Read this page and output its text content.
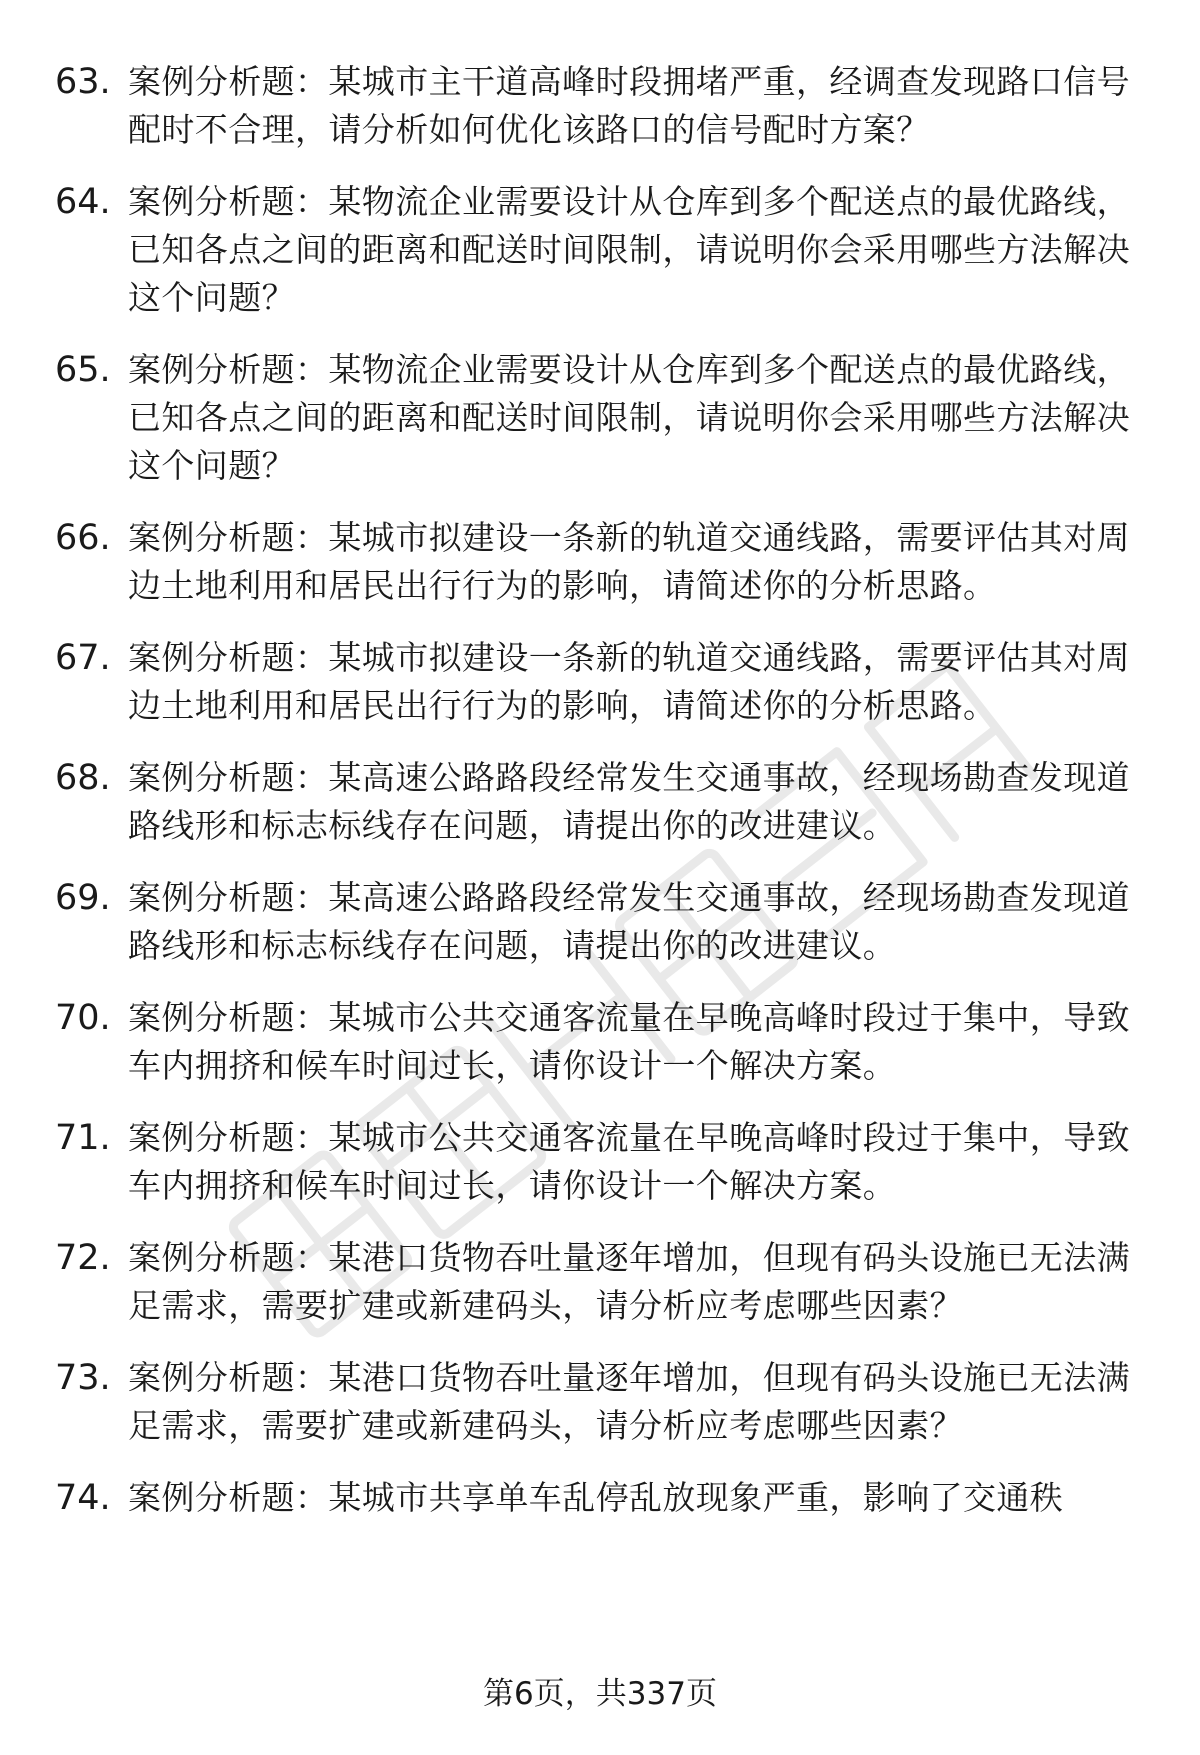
63. 案例分析题：某城市主干道高峰时段拥堵严重，经调查发现路口信号配时不合理，请分析如何优化该路口的信号配时方案？
64. 案例分析题：某物流企业需要设计从仓库到多个配送点的最优路线，已知各点之间的距离和配送时间限制，请说明你会采用哪些方法解决这个问题？
65. 案例分析题：某物流企业需要设计从仓库到多个配送点的最优路线，已知各点之间的距离和配送时间限制，请说明你会采用哪些方法解决这个问题？
66. 案例分析题：某城市拟建设一条新的轨道交通线路，需要评估其对周边土地利用和居民出行行为的影响，请简述你的分析思路。
67. 案例分析题：某城市拟建设一条新的轨道交通线路，需要评估其对周边土地利用和居民出行行为的影响，请简述你的分析思路。
68. 案例分析题：某高速公路路段经常发生交通事故，经现场勘查发现道路线形和标志标线存在问题，请提出你的改进建议。
69. 案例分析题：某高速公路路段经常发生交通事故，经现场勘查发现道路线形和标志标线存在问题，请提出你的改进建议。
70. 案例分析题：某城市公共交通客流量在早晚高峰时段过于集中，导致车内拥挤和候车时间过长，请你设计一个解决方案。
71. 案例分析题：某城市公共交通客流量在早晚高峰时段过于集中，导致车内拥挤和候车时间过长，请你设计一个解决方案。
72. 案例分析题：某港口货物吞吐量逐年增加，但现有码头设施已无法满足需求，需要扩建或新建码头，请分析应考虑哪些因素？
73. 案例分析题：某港口货物吞吐量逐年增加，但现有码头设施已无法满足需求，需要扩建或新建码头，请分析应考虑哪些因素？
74. 案例分析题：某城市共享单车乱停乱放现象严重，影响了交通秩
第6页，共337页
